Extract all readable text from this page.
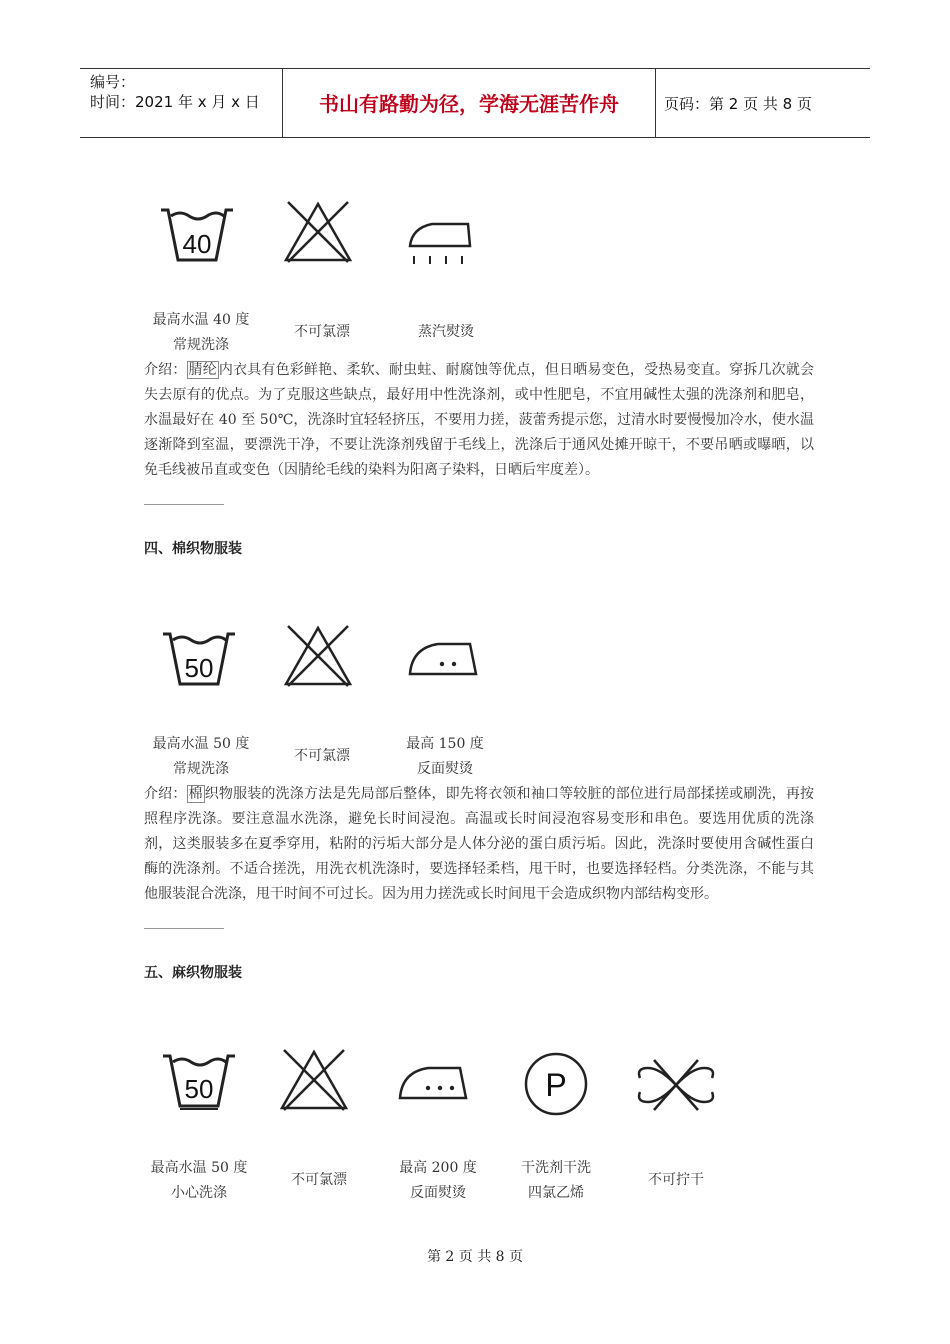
编号：
时间：2021 年 x 月 x 日	书山有路勤为径，学海无涯苦作舟	页码：第 2 页 共 8 页
40
最高水温 40 度
常规洗涤
不可氯漂	蒸汽熨烫
介绍： 腈纶 内衣具有色彩鲜艳、柔软、耐虫蛀、耐腐蚀等优点，但日晒易变色，受热易变直。穿拆几次就会失去原有的优点。为了克服这些缺点，最好用中性洗涤剂，或中性肥皂，不宜用碱性太强的洗涤剂和肥皂，水温最好在 40 至 50℃，洗涤时宜轻轻挤压，不要用力搓，菠蕾秀提示您，过清水时要慢慢加冷水，使水温逐渐降到室温，要漂洗干净，不要让洗涤剂残留于毛线上，洗涤后于通风处摊开晾干，不要吊晒或曝晒，以免毛线被吊直或变色（因腈纶毛线的染料为阳离子染料，日晒后牢度差）。
四、棉织物服装
50
最高水温 50 度
常规洗涤
不可氯漂
最高 150 度
反面熨烫
介绍： 棉 织物服装的洗涤方法是先局部后整体，即先将衣领和袖口等较脏的部位进行局部揉搓或刷洗，再按照程序洗涤。要注意温水洗涤，避免长时间浸泡。高温或长时间浸泡容易变形和串色。要选用优质的洗涤剂，这类服装多在夏季穿用，粘附的污垢大部分是人体分泌的蛋白质污垢。因此，洗涤时要使用含碱性蛋白酶的洗涤剂。不适合搓洗，用洗衣机洗涤时，要选择轻柔档，甩干时，也要选择轻档。分类洗涤，不能与其他服装混合洗涤，甩干时间不可过长。因为用力搓洗或长时间甩干会造成织物内部结构变形。
五、麻织物服装
50	P
最高水温 50 度
小心洗涤
不可氯漂
最高 200 度
反面熨烫
干洗剂干洗
四氯乙烯
不可拧干
第 2 页 共 8 页
